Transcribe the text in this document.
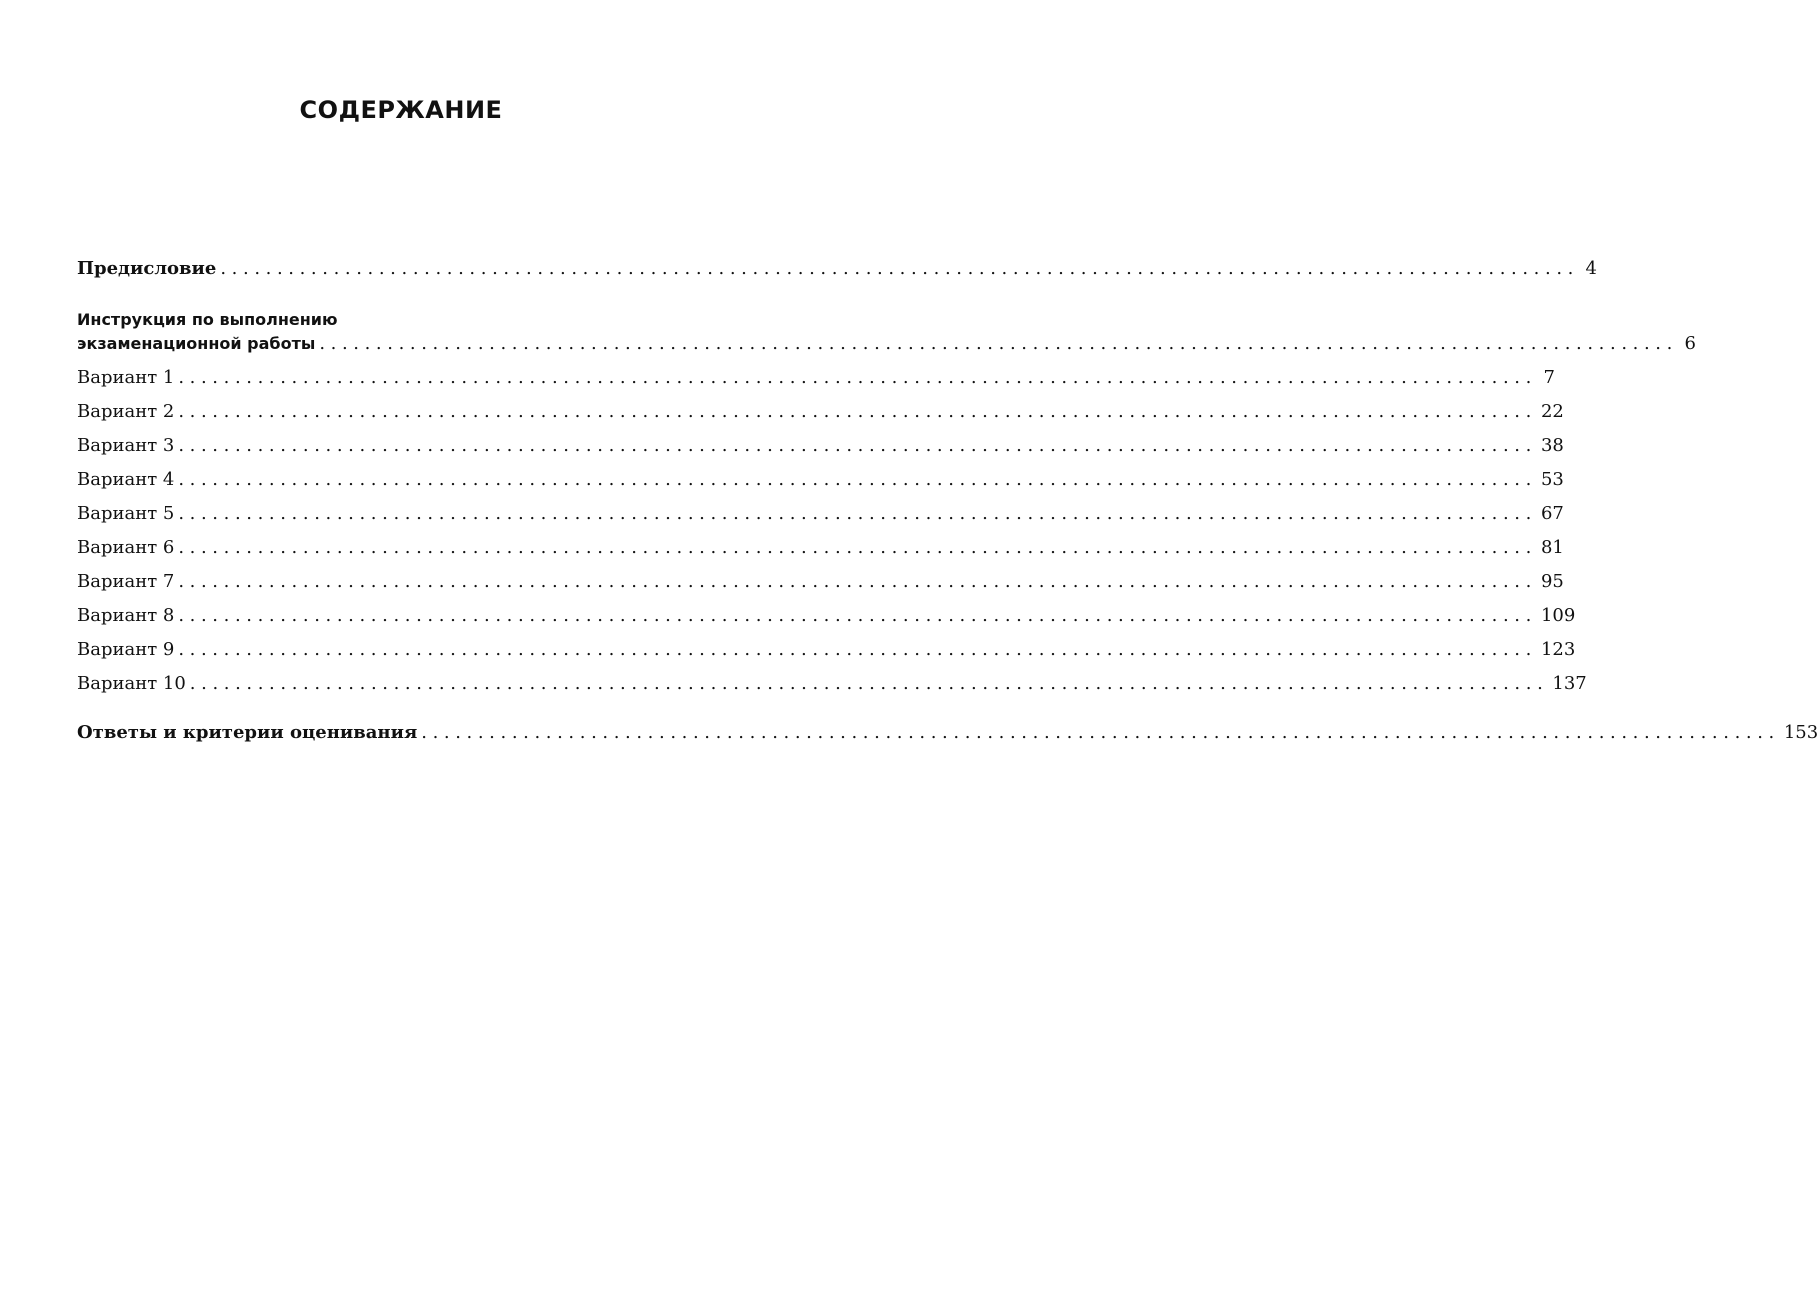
СОДЕРЖАНИЕ
Предисловие ........................................................................................................................ 4
Инструкция по выполнению
экзаменационной работы ........................................................................................................................ 6
Вариант 1 ........................................................................................................................ 7
Вариант 2 ........................................................................................................................ 22
Вариант 3 ........................................................................................................................ 38
Вариант 4 ........................................................................................................................ 53
Вариант 5 ........................................................................................................................ 67
Вариант 6 ........................................................................................................................ 81
Вариант 7 ........................................................................................................................ 95
Вариант 8 ........................................................................................................................ 109
Вариант 9 ........................................................................................................................ 123
Вариант 10 ........................................................................................................................ 137
Ответы и критерии оценивания ........................................................................................................................ 153
